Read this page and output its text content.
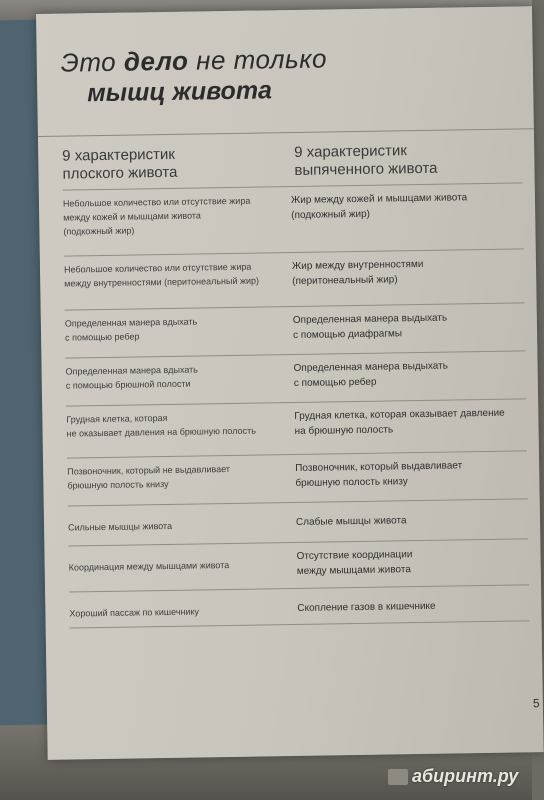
Это дело не только
мышц живота
9 характеристик
плоского живота
9 характеристик
выпяченного живота
Небольшое количество или отсутствие жира
между кожей и мышцами живота
(подкожный жир)
Жир между кожей и мышцами живота
(подкожный жир)
Небольшое количество или отсутствие жира
между внутренностями (перитонеальный жир)
Жир между внутренностями
(перитонеальный жир)
Определенная манера вдыхать
с помощью ребер
Определенная манера выдыхать
с помощью диафрагмы
Определенная манера вдыхать
с помощью брюшной полости
Определенная манера выдыхать
с помощью ребер
Грудная клетка, которая
не оказывает давления на брюшную полость
Грудная клетка, которая оказывает давление
на брюшную полость
Позвоночник, который не выдавливает
брюшную полость книзу
Позвоночник, который выдавливает
брюшную полость книзу
Сильные мышцы живота	Слабые мышцы живота
Координация между мышцами живота
Отсутствие координации
между мышцами живота
Хороший пассаж по кишечнику	Скопление газов в кишечнике
5
абиринт.ру
